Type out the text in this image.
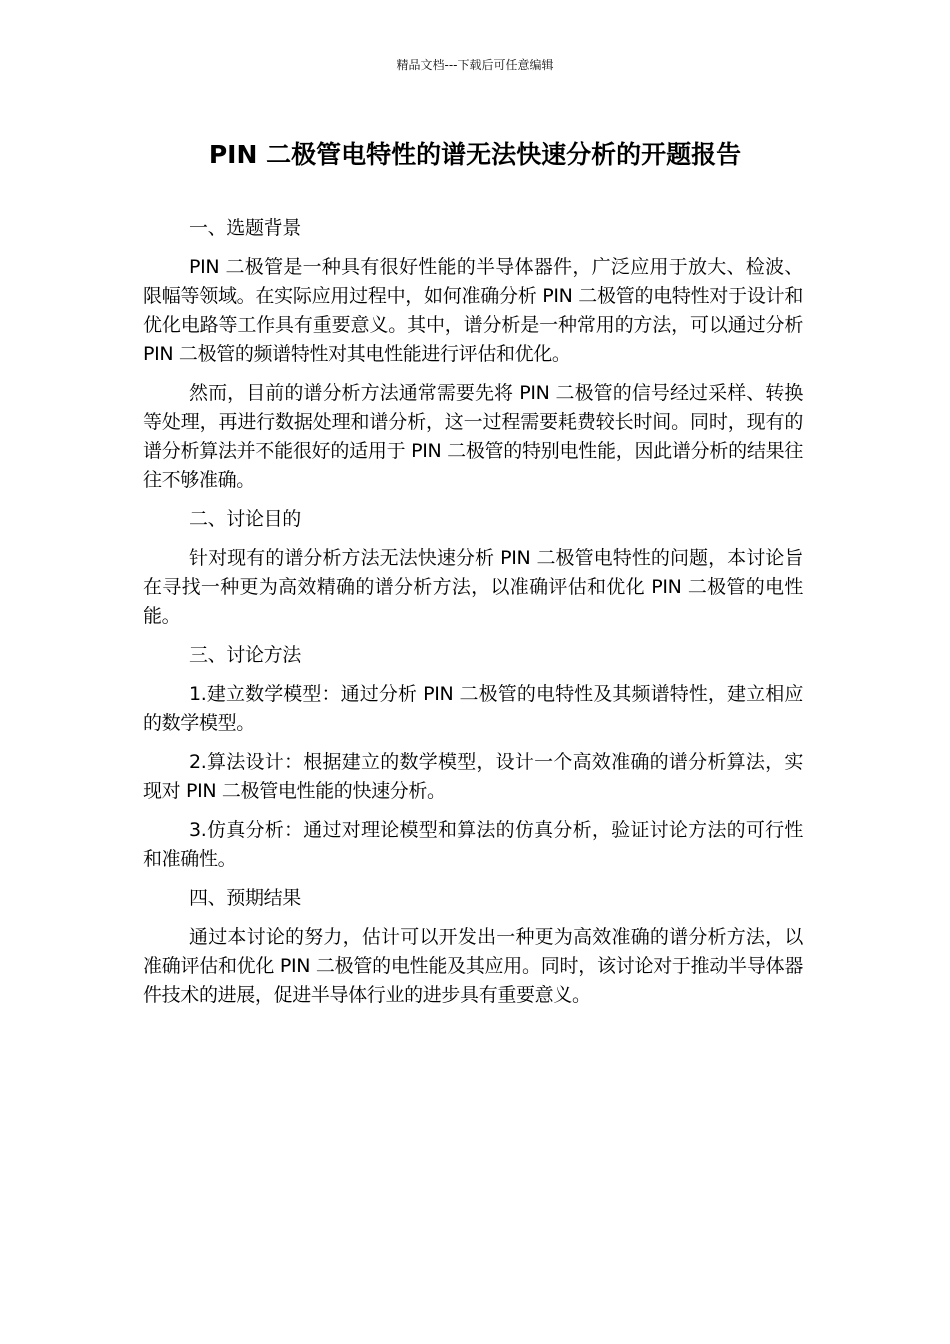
精品文档---下载后可任意编辑
PIN 二极管电特性的谱无法快速分析的开题报告

一、选题背景

PIN 二极管是一种具有很好性能的半导体器件，广泛应用于放大、检波、限幅等领域。在实际应用过程中，如何准确分析 PIN 二极管的电特性对于设计和优化电路等工作具有重要意义。其中，谱分析是一种常用的方法，可以通过分析 PIN 二极管的频谱特性对其电性能进行评估和优化。

然而，目前的谱分析方法通常需要先将 PIN 二极管的信号经过采样、转换等处理，再进行数据处理和谱分析，这一过程需要耗费较长时间。同时，现有的谱分析算法并不能很好的适用于 PIN 二极管的特别电性能，因此谱分析的结果往往不够准确。

二、讨论目的

针对现有的谱分析方法无法快速分析 PIN 二极管电特性的问题，本讨论旨在寻找一种更为高效精确的谱分析方法，以准确评估和优化 PIN 二极管的电性能。

三、讨论方法

1.建立数学模型：通过分析 PIN 二极管的电特性及其频谱特性，建立相应的数学模型。

2.算法设计：根据建立的数学模型，设计一个高效准确的谱分析算法，实现对 PIN 二极管电性能的快速分析。

3.仿真分析：通过对理论模型和算法的仿真分析，验证讨论方法的可行性和准确性。

四、预期结果

通过本讨论的努力，估计可以开发出一种更为高效准确的谱分析方法，以准确评估和优化 PIN 二极管的电性能及其应用。同时，该讨论对于推动半导体器件技术的进展，促进半导体行业的进步具有重要意义。
